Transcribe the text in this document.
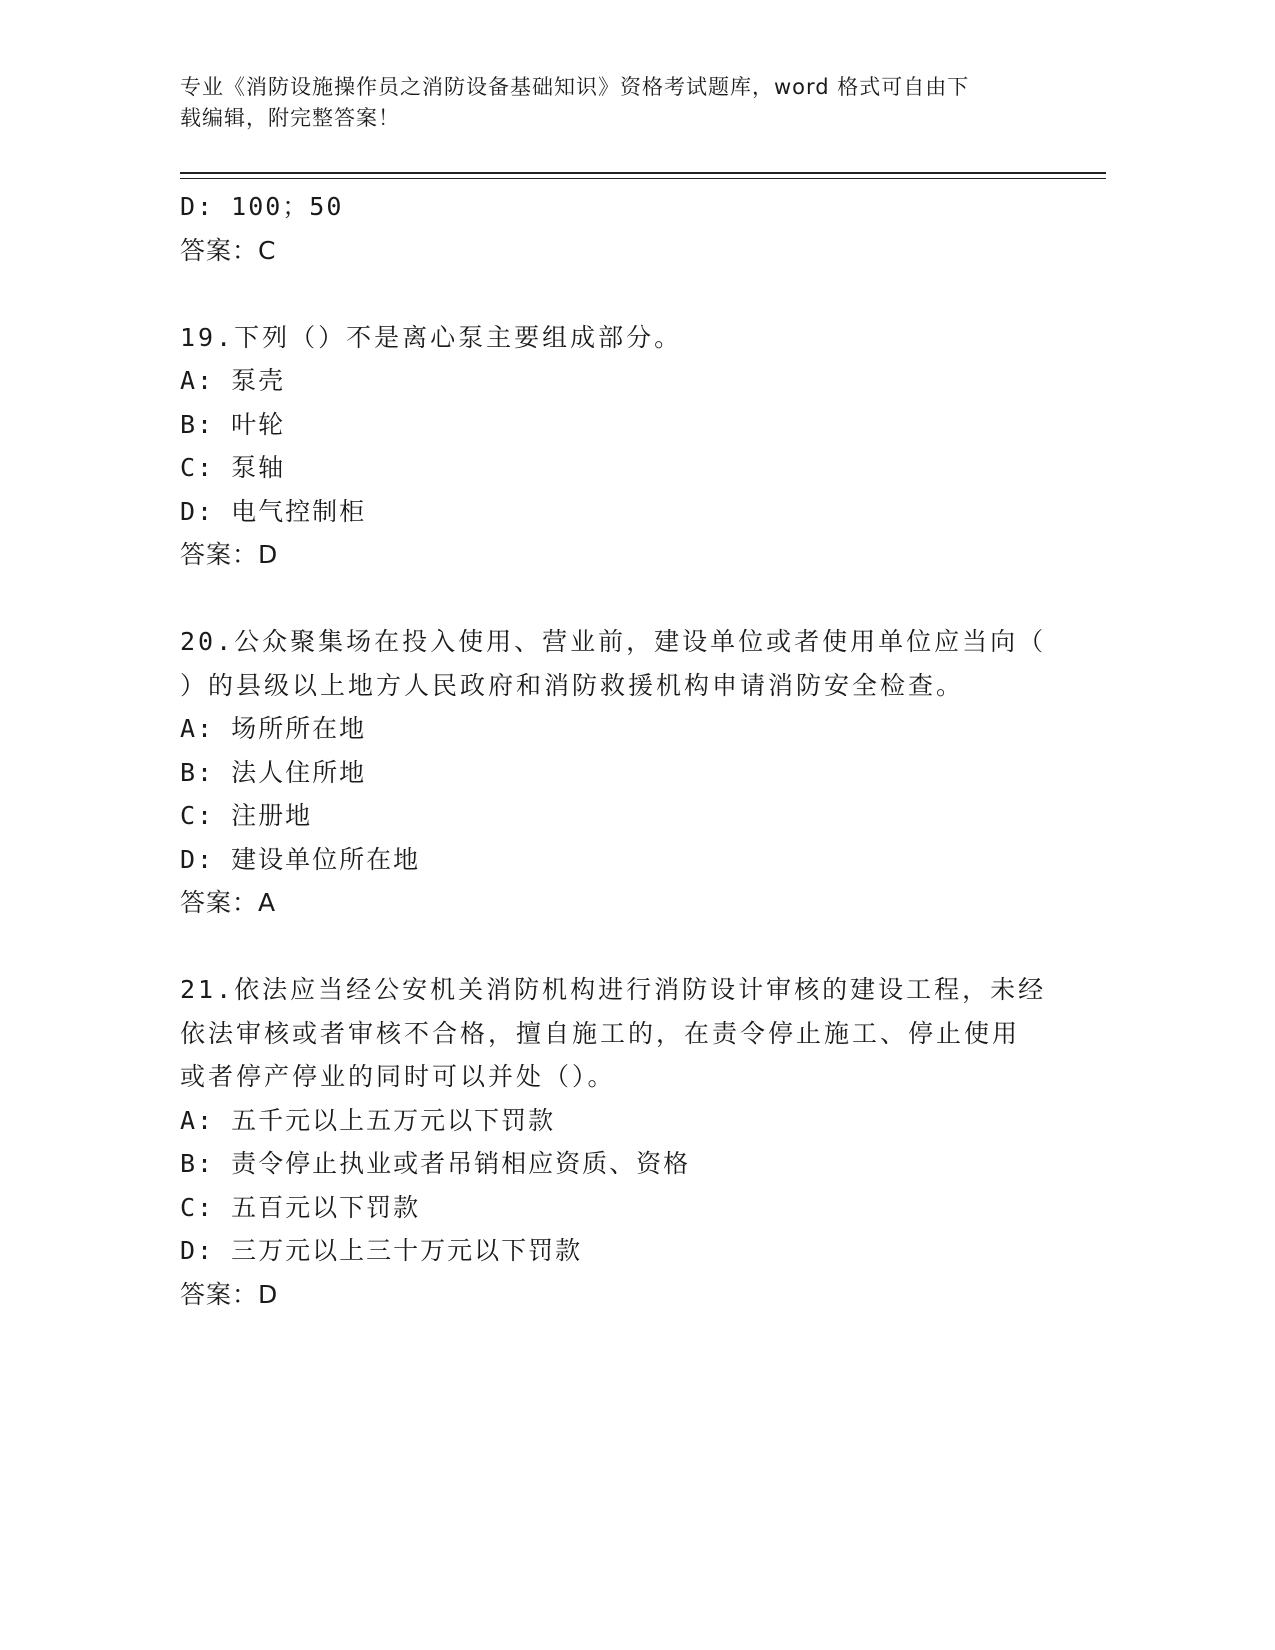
专业《消防设施操作员之消防设备基础知识》资格考试题库，word 格式可自由下
载编辑，附完整答案！

D: 100；50

答案：C

19.下列（）不是离心泵主要组成部分。

A: 泵壳

B: 叶轮

C: 泵轴

D: 电气控制柜

答案：D

20.公众聚集场在投入使用、营业前，建设单位或者使用单位应当向（

）的县级以上地方人民政府和消防救援机构申请消防安全检查。

A: 场所所在地

B: 法人住所地

C: 注册地

D: 建设单位所在地

答案：A

21.依法应当经公安机关消防机构进行消防设计审核的建设工程，未经

依法审核或者审核不合格，擅自施工的，在责令停止施工、停止使用

或者停产停业的同时可以并处（）。

A: 五千元以上五万元以下罚款

B: 责令停止执业或者吊销相应资质、资格

C: 五百元以下罚款

D: 三万元以上三十万元以下罚款

答案：D
